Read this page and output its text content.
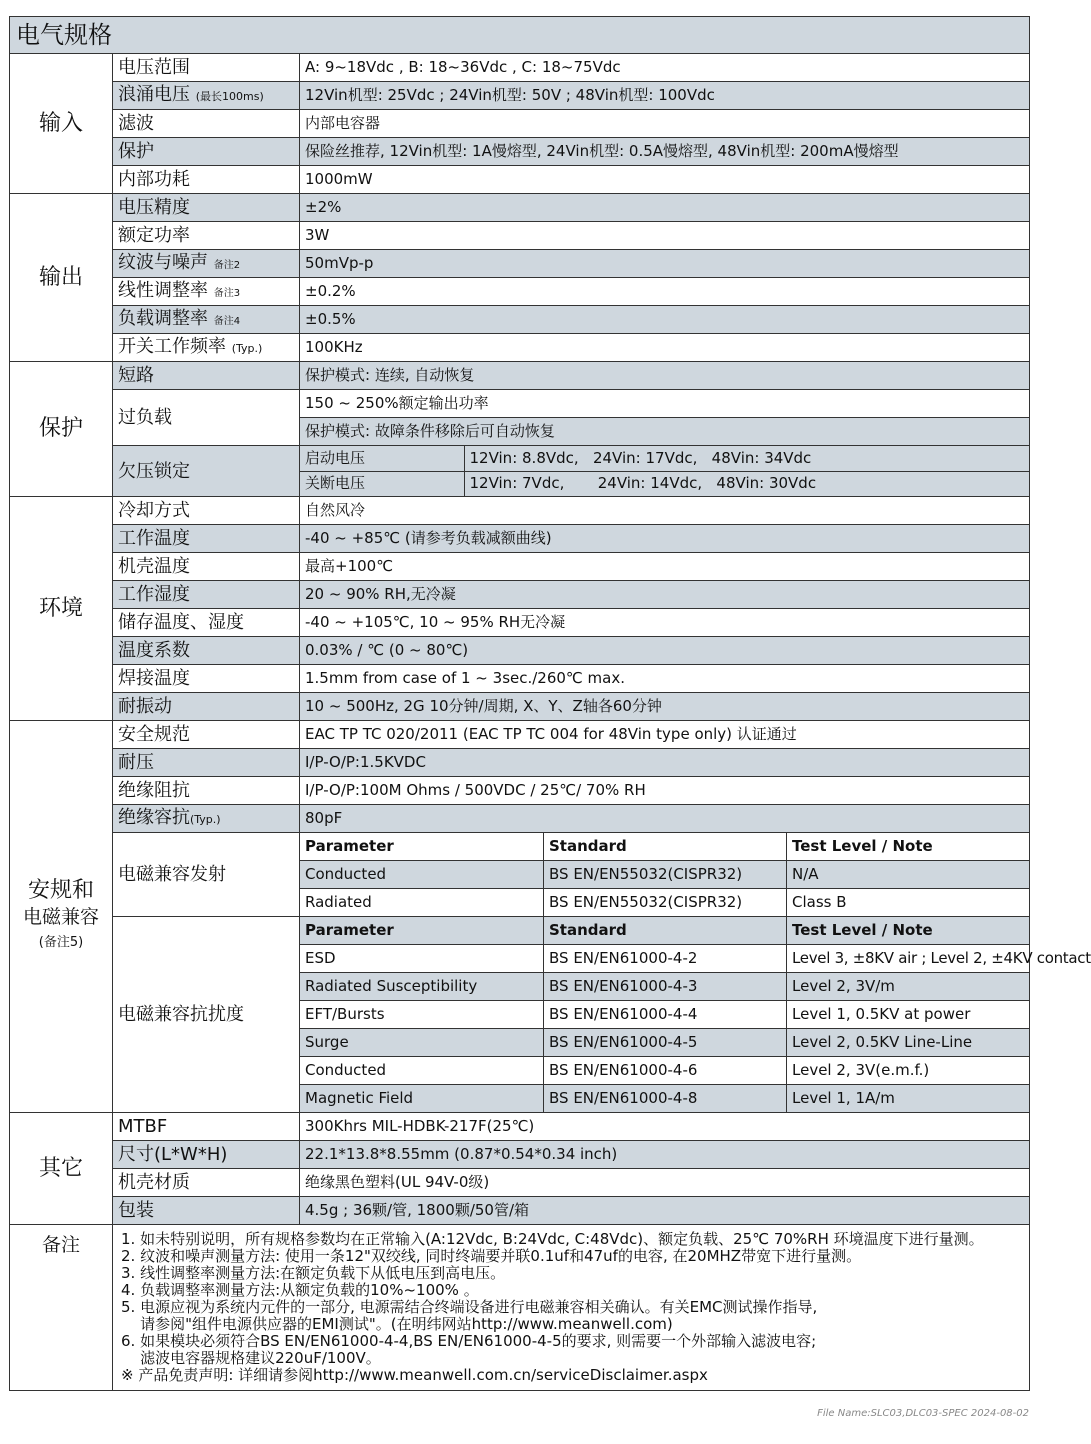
电气规格
输入	电压范围	A: 9~18Vdc , B: 18~36Vdc , C: 18~75Vdc
浪涌电压 (最长100ms)	12Vin机型: 25Vdc ; 24Vin机型: 50V ; 48Vin机型: 100Vdc
滤波	内部电容器
保护	保险丝推荐, 12Vin机型: 1A慢熔型, 24Vin机型: 0.5A慢熔型, 48Vin机型: 200mA慢熔型
内部功耗	1000mW
输出	电压精度	±2%
额定功率	3W
纹波与噪声 备注2	50mVp-p
线性调整率 备注3	±0.2%
负载调整率 备注4	±0.5%
开关工作频率 (Typ.)	100KHz
保护	短路	保护模式: 连续, 自动恢复
过负载	150 ~ 250%额定输出功率
保护模式: 故障条件移除后可自动恢复
欠压锁定	
启动电压	12Vin: 8.8Vdc,   24Vin: 17Vdc,   48Vin: 34Vdc
关断电压	12Vin: 7Vdc,       24Vin: 14Vdc,   48Vin: 30Vdc

环境	冷却方式	自然风冷
工作温度	-40 ~ +85℃ (请参考负载减额曲线)
机壳温度	最高+100℃
工作湿度	20 ~ 90% RH,无冷凝
储存温度、湿度	-40 ~ +105℃, 10 ~ 95% RH无冷凝
温度系数	0.03% / ℃ (0 ~ 80℃)
焊接温度	1.5mm from case of 1 ~ 3sec./260℃ max.
耐振动	10 ~ 500Hz, 2G 10分钟/周期, X、Y、Z轴各60分钟

安规和
电磁兼容
(备注5)
	安全规范	EAC TP TC 020/2011 (EAC TP TC 004 for 48Vin type only) 认证通过
耐压	I/P-O/P:1.5KVDC
绝缘阻抗	I/P-O/P:100M Ohms / 500VDC / 25℃/ 70% RH
绝缘容抗(Typ.)	80pF
电磁兼容发射	Parameter	Standard	Test Level / Note
Conducted	BS EN/EN55032(CISPR32)	N/A
Radiated	BS EN/EN55032(CISPR32)	Class B
电磁兼容抗扰度	Parameter	Standard	Test Level / Note
ESD	BS EN/EN61000-4-2	Level 3, ±8KV air ; Level 2, ±4KV contact
Radiated Susceptibility	BS EN/EN61000-4-3	Level 2, 3V/m
EFT/Bursts	BS EN/EN61000-4-4	Level 1, 0.5KV at power
Surge	BS EN/EN61000-4-5	Level 2, 0.5KV Line-Line
Conducted	BS EN/EN61000-4-6	Level 2, 3V(e.m.f.)
Magnetic Field	BS EN/EN61000-4-8	Level 1, 1A/m
其它	MTBF	300Khrs MIL-HDBK-217F(25℃)
尺寸(L*W*H)	22.1*13.8*8.55mm (0.87*0.54*0.34 inch)
机壳材质	绝缘黑色塑料(UL 94V-0级)
包装	4.5g ; 36颗/管, 1800颗/50管/箱
备注	1. 如未特别说明，所有规格参数均在正常输入(A:12Vdc, B:24Vdc, C:48Vdc)、额定负载、25℃ 70%RH 环境温度下进行量测。
2. 纹波和噪声测量方法: 使用一条12"双绞线, 同时终端要并联0.1uf和47uf的电容, 在20MHZ带宽下进行量测。
3. 线性调整率测量方法:在额定负载下从低电压到高电压。
4. 负载调整率测量方法:从额定负载的10%~100% 。
5. 电源应视为系统内元件的一部分, 电源需结合终端设备进行电磁兼容相关确认。有关EMC测试操作指导,
请参阅"组件电源供应器的EMI测试"。(在明纬网站http://www.meanwell.com)
6. 如果模块必须符合BS EN/EN61000-4-4,BS EN/EN61000-4-5的要求, 则需要一个外部输入滤波电容;
滤波电容器规格建议220uF/100V。
※ 产品免责声明: 详细请参阅http://www.meanwell.com.cn/serviceDisclaimer.aspx
File Name:SLC03,DLC03-SPEC 2024-08-02
